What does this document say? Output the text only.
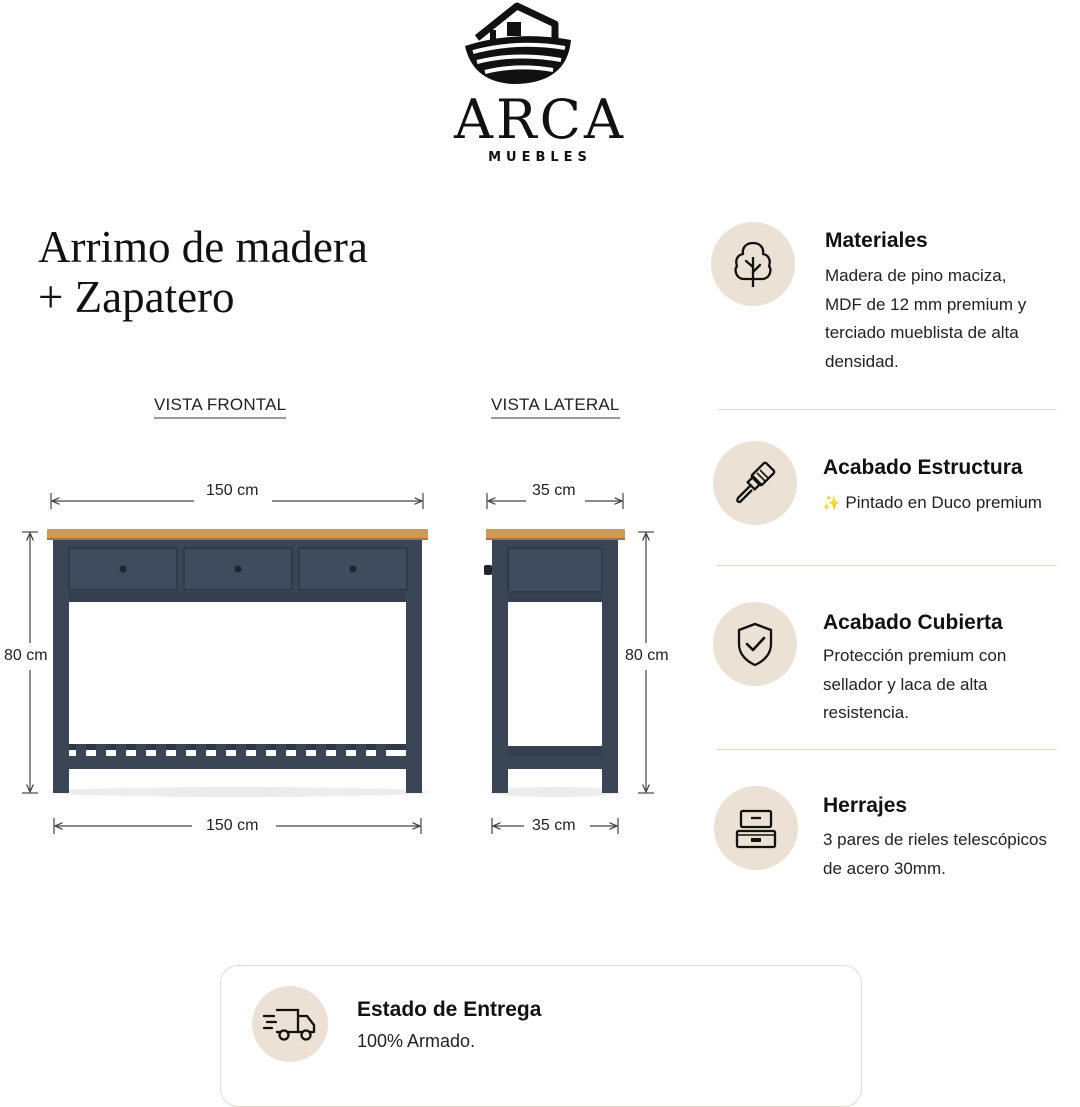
ARCA
MUEBLES
Arrimo de madera
+ Zapatero
VISTA FRONTAL	VISTA LATERAL
150 cm
80 cm
150 cm
35 cm
80 cm
35 cm
Materiales
Madera de pino maciza,
MDF de 12 mm premium y
terciado mueblista de alta
densidad.
Acabado Estructura
✨ Pintado en Duco premium
Acabado Cubierta
Protección premium con
sellador y laca de alta
resistencia.
Herrajes
3 pares de rieles telescópicos
de acero 30mm.
Estado de Entrega
100% Armado.
